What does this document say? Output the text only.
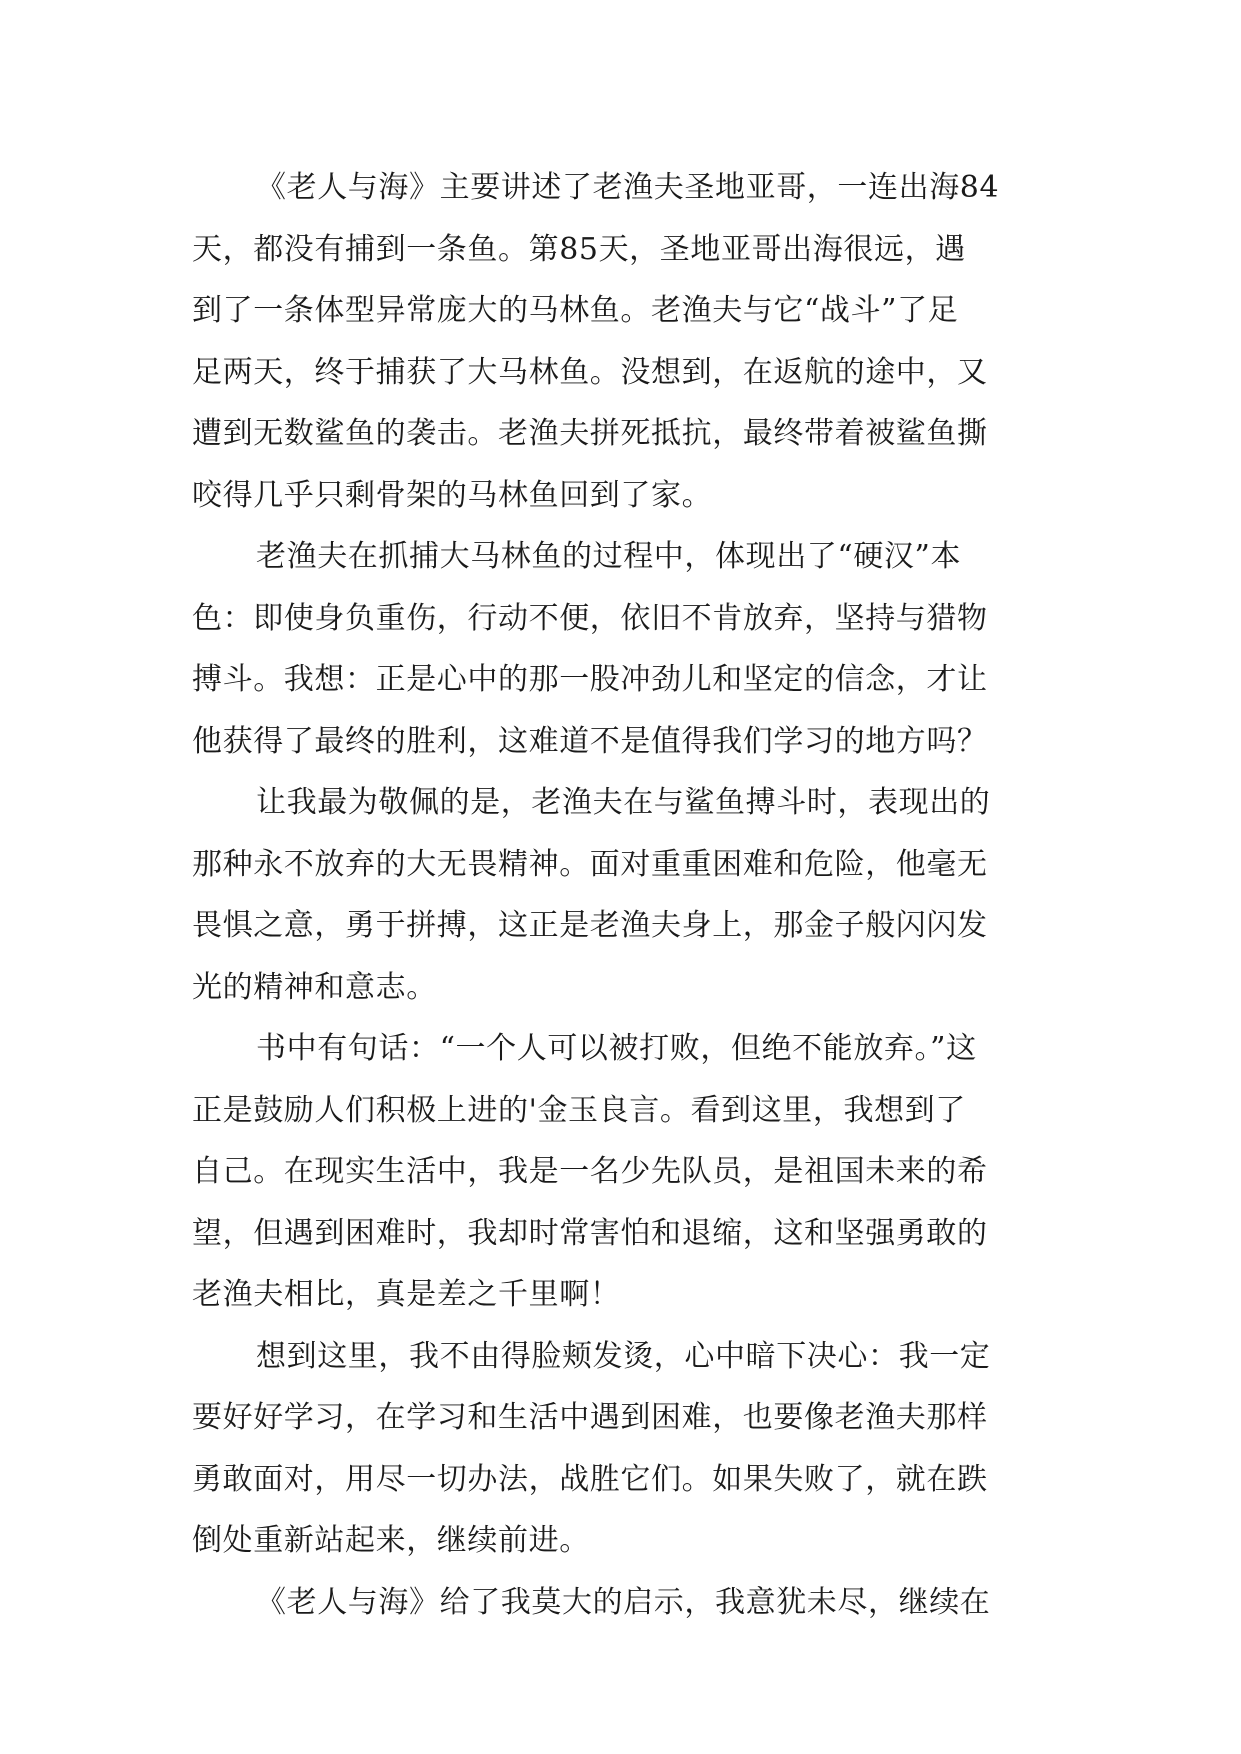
《老人与海》主要讲述了老渔夫圣地亚哥，一连出海84
天，都没有捕到一条鱼。第85天，圣地亚哥出海很远，遇
到了一条体型异常庞大的马林鱼。老渔夫与它“战斗”了足
足两天，终于捕获了大马林鱼。没想到，在返航的途中，又
遭到无数鲨鱼的袭击。老渔夫拼死抵抗，最终带着被鲨鱼撕
咬得几乎只剩骨架的马林鱼回到了家。
老渔夫在抓捕大马林鱼的过程中，体现出了“硬汉”本
色：即使身负重伤，行动不便，依旧不肯放弃，坚持与猎物
搏斗。我想：正是心中的那一股冲劲儿和坚定的信念，才让
他获得了最终的胜利，这难道不是值得我们学习的地方吗？
让我最为敬佩的是，老渔夫在与鲨鱼搏斗时，表现出的
那种永不放弃的大无畏精神。面对重重困难和危险，他毫无
畏惧之意，勇于拼搏，这正是老渔夫身上，那金子般闪闪发
光的精神和意志。
书中有句话：“一个人可以被打败，但绝不能放弃。”这
正是鼓励人们积极上进的'金玉良言。看到这里，我想到了
自己。在现实生活中，我是一名少先队员，是祖国未来的希
望，但遇到困难时，我却时常害怕和退缩，这和坚强勇敢的
老渔夫相比，真是差之千里啊！
想到这里，我不由得脸颊发烫，心中暗下决心：我一定
要好好学习，在学习和生活中遇到困难，也要像老渔夫那样
勇敢面对，用尽一切办法，战胜它们。如果失败了，就在跌
倒处重新站起来，继续前进。
《老人与海》给了我莫大的启示，我意犹未尽，继续在
